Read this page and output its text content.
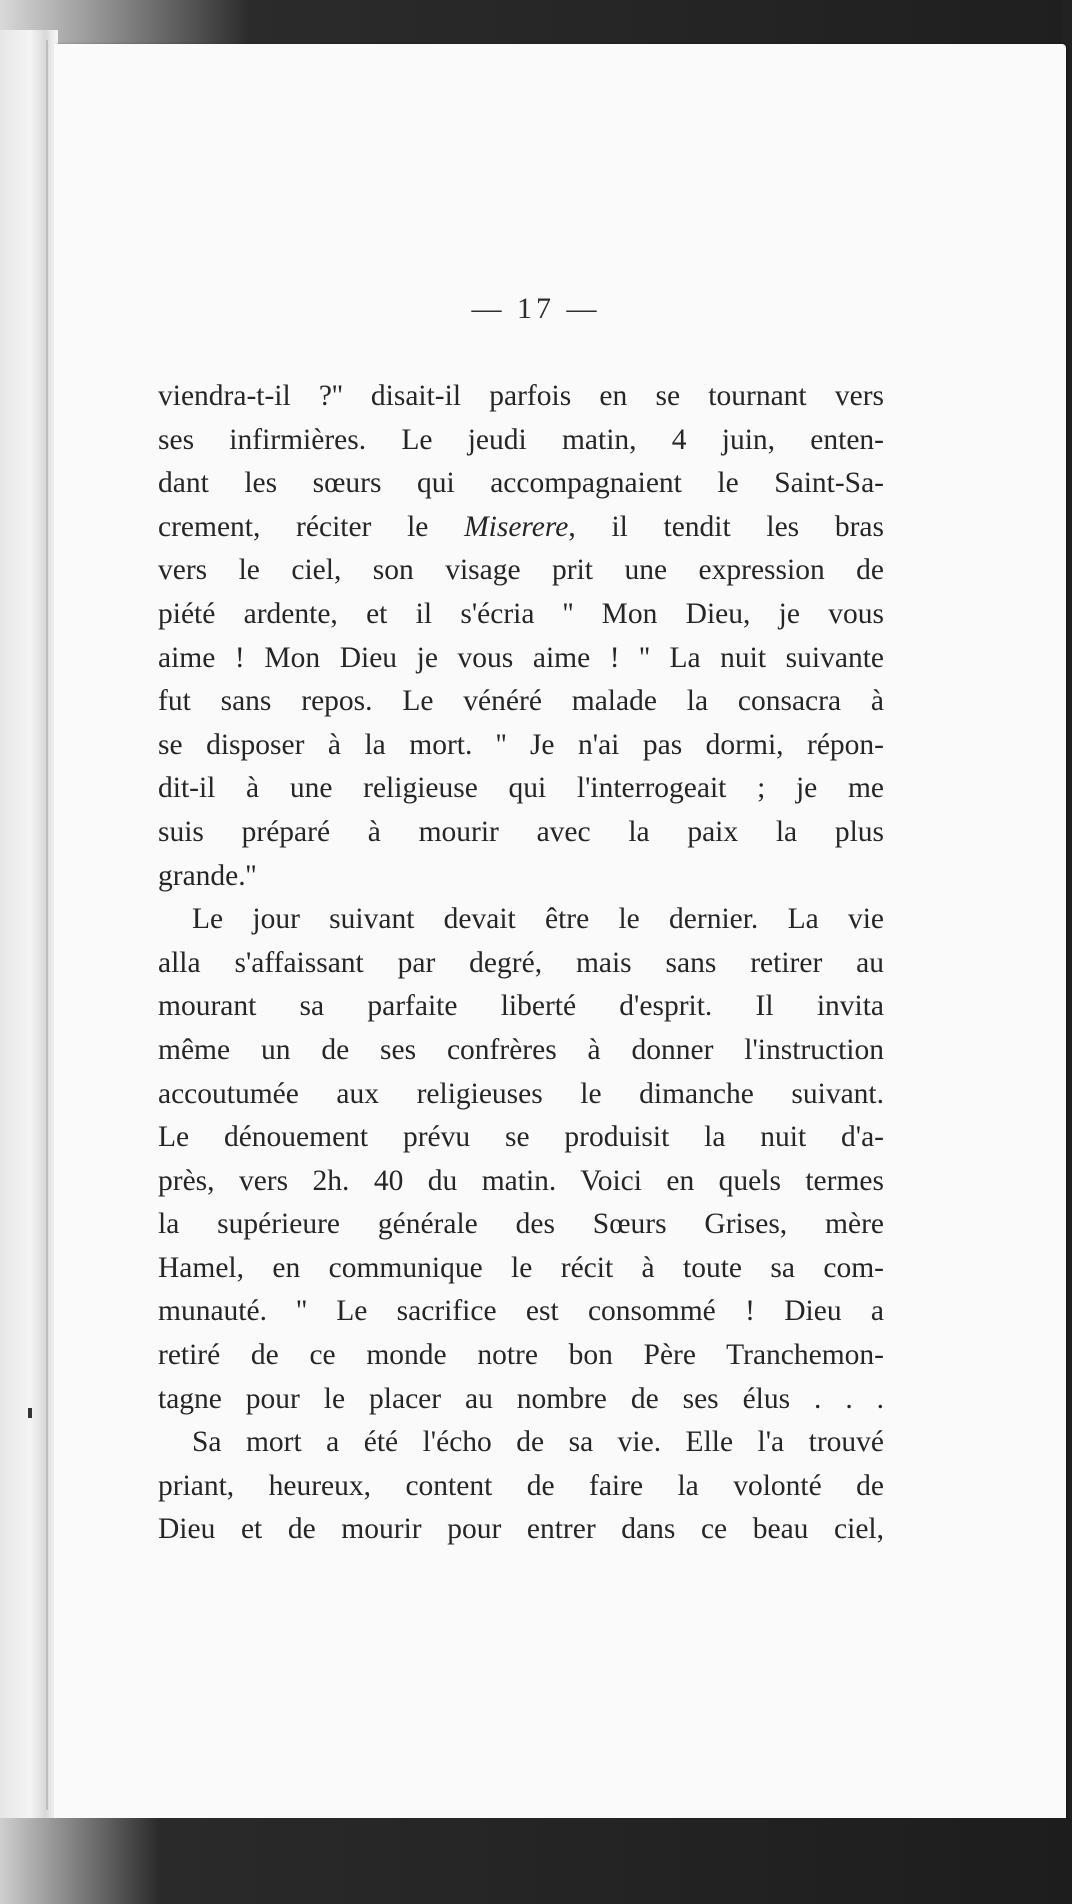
— 17 —
viendra-t-il ?'' disait-il parfois en se tournant vers
ses infirmières. Le jeudi matin, 4 juin, enten-
dant les sœurs qui accompagnaient le Saint-Sa-
crement, réciter le Miserere, il tendit les bras
vers le ciel, son visage prit une expression de
piété ardente, et il s'écria '' Mon Dieu, je vous
aime ! Mon Dieu je vous aime ! '' La nuit suivante
fut sans repos. Le vénéré malade la consacra à
se disposer à la mort. '' Je n'ai pas dormi, répon-
dit-il à une religieuse qui l'interrogeait ; je me
suis préparé à mourir avec la paix la plus
grande.''
Le jour suivant devait être le dernier. La vie
alla s'affaissant par degré, mais sans retirer au
mourant sa parfaite liberté d'esprit. Il invita
même un de ses confrères à donner l'instruction
accoutumée aux religieuses le dimanche suivant.
Le dénouement prévu se produisit la nuit d'a-
près, vers 2h. 40 du matin. Voici en quels termes
la supérieure générale des Sœurs Grises, mère
Hamel, en communique le récit à toute sa com-
munauté. '' Le sacrifice est consommé ! Dieu a
retiré de ce monde notre bon Père Tranchemon-
tagne pour le placer au nombre de ses élus . . .
Sa mort a été l'écho de sa vie. Elle l'a trouvé
priant, heureux, content de faire la volonté de
Dieu et de mourir pour entrer dans ce beau ciel,
